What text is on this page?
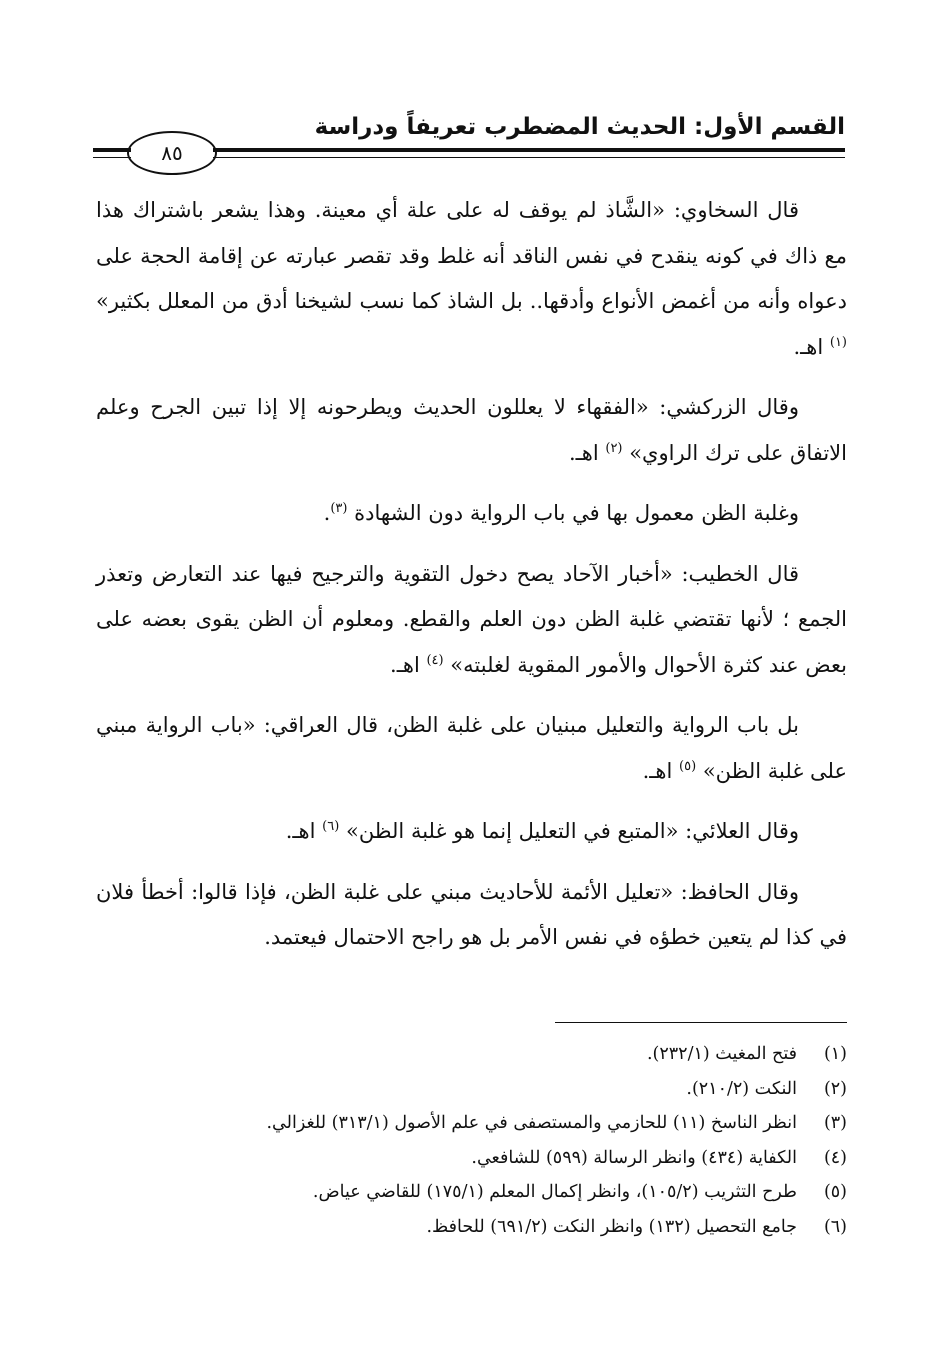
القسم الأول: الحديث المضطرب تعريفاً ودراسة
٨٥

قال السخاوي: «الشَّاذ لم يوقف له على علة أي معينة. وهذا يشعر باشتراك هذا مع ذاك في كونه ينقدح في نفس الناقد أنه غلط وقد تقصر عبارته عن إقامة الحجة على دعواه وأنه من أغمض الأنواع وأدقها.. بل الشاذ كما نسب لشيخنا أدق من المعلل بكثير» $^{(١)}$ اهـ.

وقال الزركشي: «الفقهاء لا يعللون الحديث ويطرحونه إلا إذا تبين الجرح وعلم الاتفاق على ترك الراوي» $^{(٢)}$ اهـ.

وغلبة الظن معمول بها في باب الرواية دون الشهادة $^{(٣)}$.

قال الخطيب: «أخبار الآحاد يصح دخول التقوية والترجيح فيها عند التعارض وتعذر الجمع ؛ لأنها تقتضي غلبة الظن دون العلم والقطع. ومعلوم أن الظن يقوى بعضه على بعض عند كثرة الأحوال والأمور المقوية لغلبته» $^{(٤)}$ اهـ.

بل باب الرواية والتعليل مبنيان على غلبة الظن، قال العراقي: «باب الرواية مبني على غلبة الظن» $^{(٥)}$ اهـ.

وقال العلائي: «المتبع في التعليل إنما هو غلبة الظن» $^{(٦)}$ اهـ.

وقال الحافظ: «تعليل الأئمة للأحاديث مبني على غلبة الظن، فإذا قالوا: أخطأ فلان في كذا لم يتعين خطؤه في نفس الأمر بل هو راجح الاحتمال فيعتمد.

(١)فتح المغيث (٢٣٢/١).
(٢)النكت (٢١٠/٢).
(٣)انظر الناسخ (١١) للحازمي والمستصفى في علم الأصول (٣١٣/١) للغزالي.
(٤)الكفاية (٤٣٤) وانظر الرسالة (٥٩٩) للشافعي.
(٥)طرح التثريب (١٠٥/٢)، وانظر إكمال المعلم (١٧٥/١) للقاضي عياض.
(٦)جامع التحصيل (١٣٢) وانظر النكت (٦٩١/٢) للحافظ.
